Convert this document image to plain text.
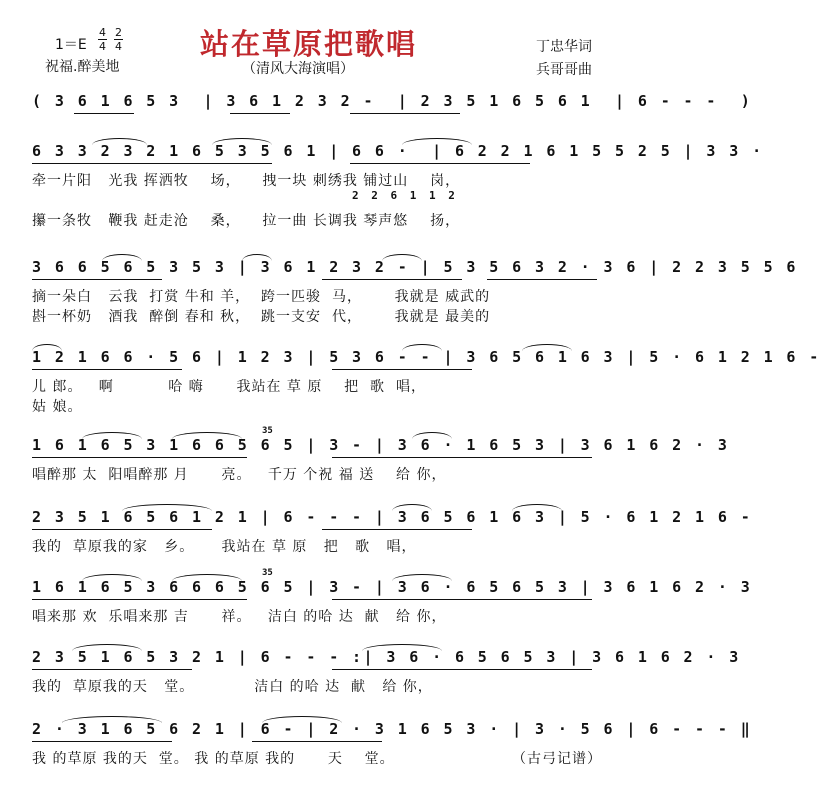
1＝E
4
4
2
4
祝福.醉美地
站在草原把歌唱
（清风大海演唱）
丁忠华词
兵哥哥曲
( 3 6 1 6 5 3  | 3 6 1 2 3 2 -  | 2 3 5 1 6 5 6 1  | 6 - - -  )
6 3 3 2 3 2 1 6 5 3 5 6 1 | 6 6 ·  | 6 2 2 1 6 1 5 5 2 5 | 3 3 ·
牵一片阳   光我 挥洒牧    场，    拽一块 刺绣我 铺过山    岗，
2 2 6 1 1 2
攥一条牧   鞭我 赶走沧    桑，    拉一曲 长调我 琴声悠    扬，
3 6 6 5 6 5 3 5 3 | 3 6 1 2 3 2 - | 5 3 5 6 3 2 · 3 6 | 2 2 3 5 5 6
摘一朵白   云我  打赏 牛和 羊，  跨一匹骏  马，      我就是 威武的
斟一杯奶   酒我  醉倒 春和 秋，  跳一支安  代，      我就是 最美的
1 2 1 6 6 · 5 6 | 1 2 3 | 5 3 6 - - | 3 6 5 6 1 6 3 | 5 · 6 1 2 1 6 -
儿 郎。   啊          哈 嗨      我站在 草 原    把  歌  唱，
姑 娘。
1 6 1 6 5 3 1 6 6 5 6 5 | 3 - | 3 6 · 1 6 5 3 | 3 6 1 6 2 · 3
35
唱醉那 太  阳唱醉那 月      亮。   千万 个祝 福 送    给 你，
2 3 5 1 6 5 6 1 2 1 | 6 - - - | 3 6 5 6 1 6 3 | 5 · 6 1 2 1 6 -
我的  草原我的家   乡。     我站在 草 原   把   歌   唱，
1 6 1 6 5 3 6 6 6 5 6 5 | 3 - | 3 6 · 6 5 6 5 3 | 3 6 1 6 2 · 3
35
唱来那 欢  乐唱来那 吉      祥。   洁白 的哈 达  献   给 你，
2 3 5 1 6 5 3 2 1 | 6 - - - :| 3 6 · 6 5 6 5 3 | 3 6 1 6 2 · 3
我的  草原我的天   堂。           洁白 的哈 达  献   给 你，
2 · 3 1 6 5 6 2 1 | 6 - | 2 · 3 1 6 5 3 · | 3 · 5 6 | 6 - - - ‖
我 的草原 我的天  堂。 我 的草原 我的      天    堂。	（古弓记谱）
